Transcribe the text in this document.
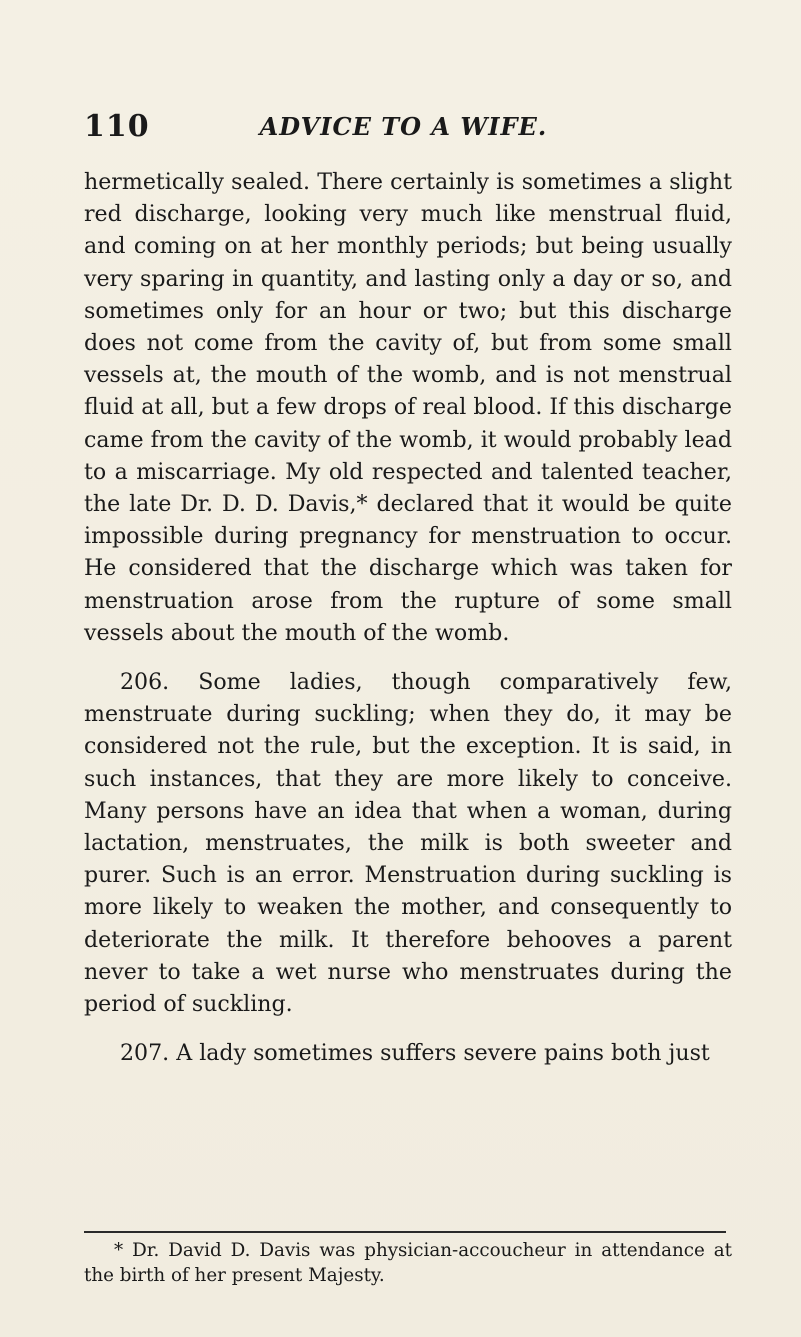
110	ADVICE TO A WIFE.

hermetically sealed. There certainly is sometimes a slight red discharge, looking very much like menstrual fluid, and coming on at her monthly periods; but being usually very sparing in quantity, and lasting only a day or so, and sometimes only for an hour or two; but this discharge does not come from the cavity of, but from some small vessels at, the mouth of the womb, and is not menstrual fluid at all, but a few drops of real blood. If this discharge came from the cavity of the womb, it would probably lead to a miscarriage. My old respected and talented teacher, the late Dr. D. D. Davis,* declared that it would be quite impossible during pregnancy for menstruation to occur. He considered that the discharge which was taken for menstruation arose from the rupture of some small vessels about the mouth of the womb.

206. Some ladies, though comparatively few, menstruate during suckling; when they do, it may be considered not the rule, but the exception. It is said, in such instances, that they are more likely to conceive. Many persons have an idea that when a woman, during lactation, menstruates, the milk is both sweeter and purer. Such is an error. Menstruation during suckling is more likely to weaken the mother, and consequently to deteriorate the milk. It therefore behooves a parent never to take a wet nurse who menstruates during the period of suckling.

207. A lady sometimes suffers severe pains both just

* Dr. David D. Davis was physician-accoucheur in attendance at the birth of her present Majesty.
